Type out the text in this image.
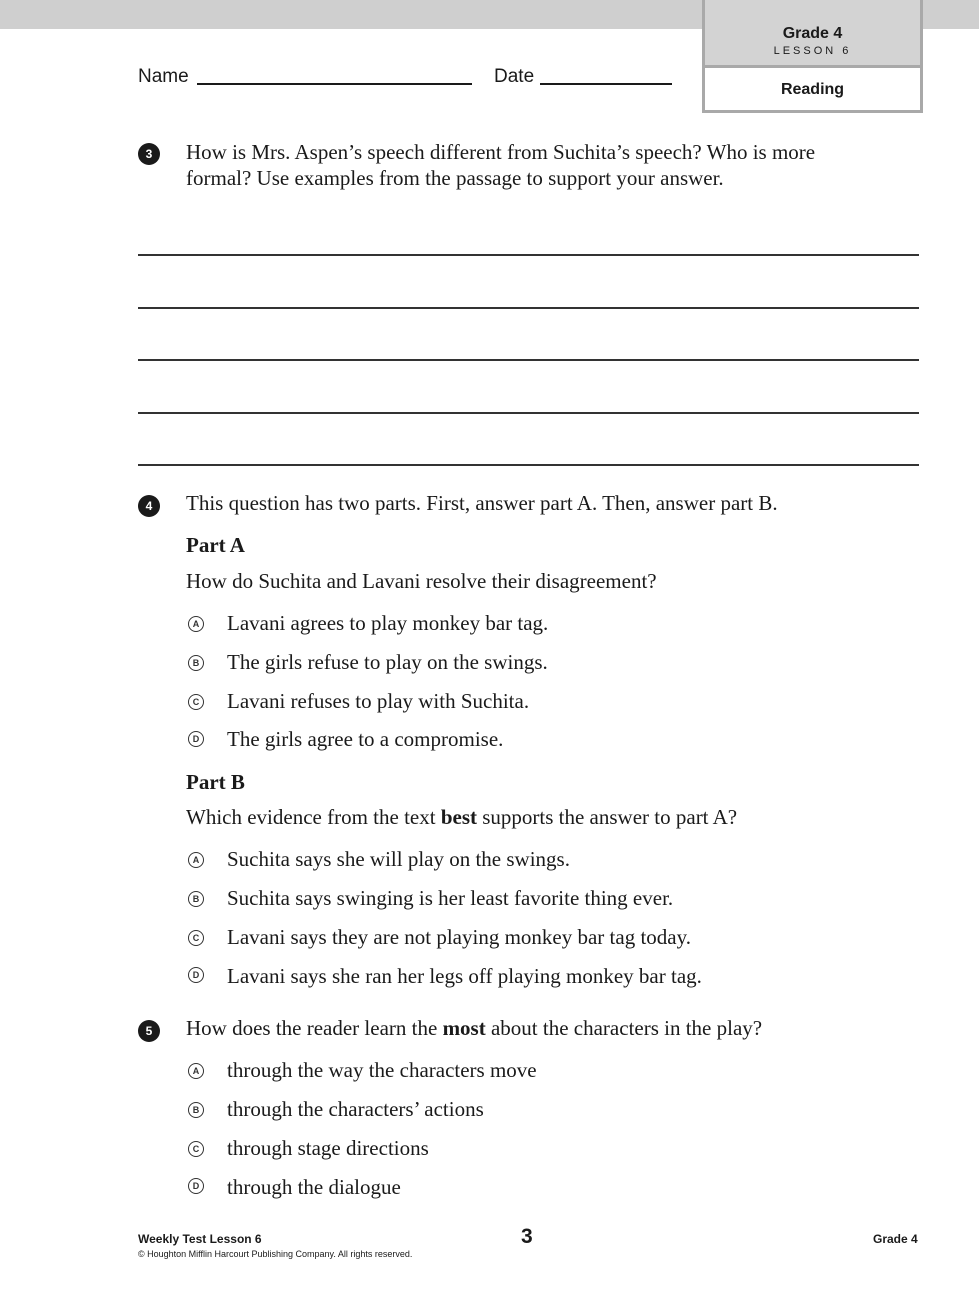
Grade 4
LESSON 6
Reading
Name	Date
3	How is Mrs. Aspen’s speech different from Suchita’s speech? Who is more
formal? Use examples from the passage to support your answer.
4	This question has two parts. First, answer part A. Then, answer part B.
Part A
How do Suchita and Lavani resolve their disagreement?
A Lavani agrees to play monkey bar tag.
B The girls refuse to play on the swings.
C Lavani refuses to play with Suchita.
D The girls agree to a compromise.
Part B
Which evidence from the text best supports the answer to part A?
A Suchita says she will play on the swings.
B Suchita says swinging is her least favorite thing ever.
C Lavani says they are not playing monkey bar tag today.
D Lavani says she ran her legs off playing monkey bar tag.
5	How does the reader learn the most about the characters in the play?
A through the way the characters move
B through the characters’ actions
C through stage directions
D through the dialogue
Weekly Test Lesson 6
© Houghton Mifflin Harcourt Publishing Company. All rights reserved.
3	Grade 4
